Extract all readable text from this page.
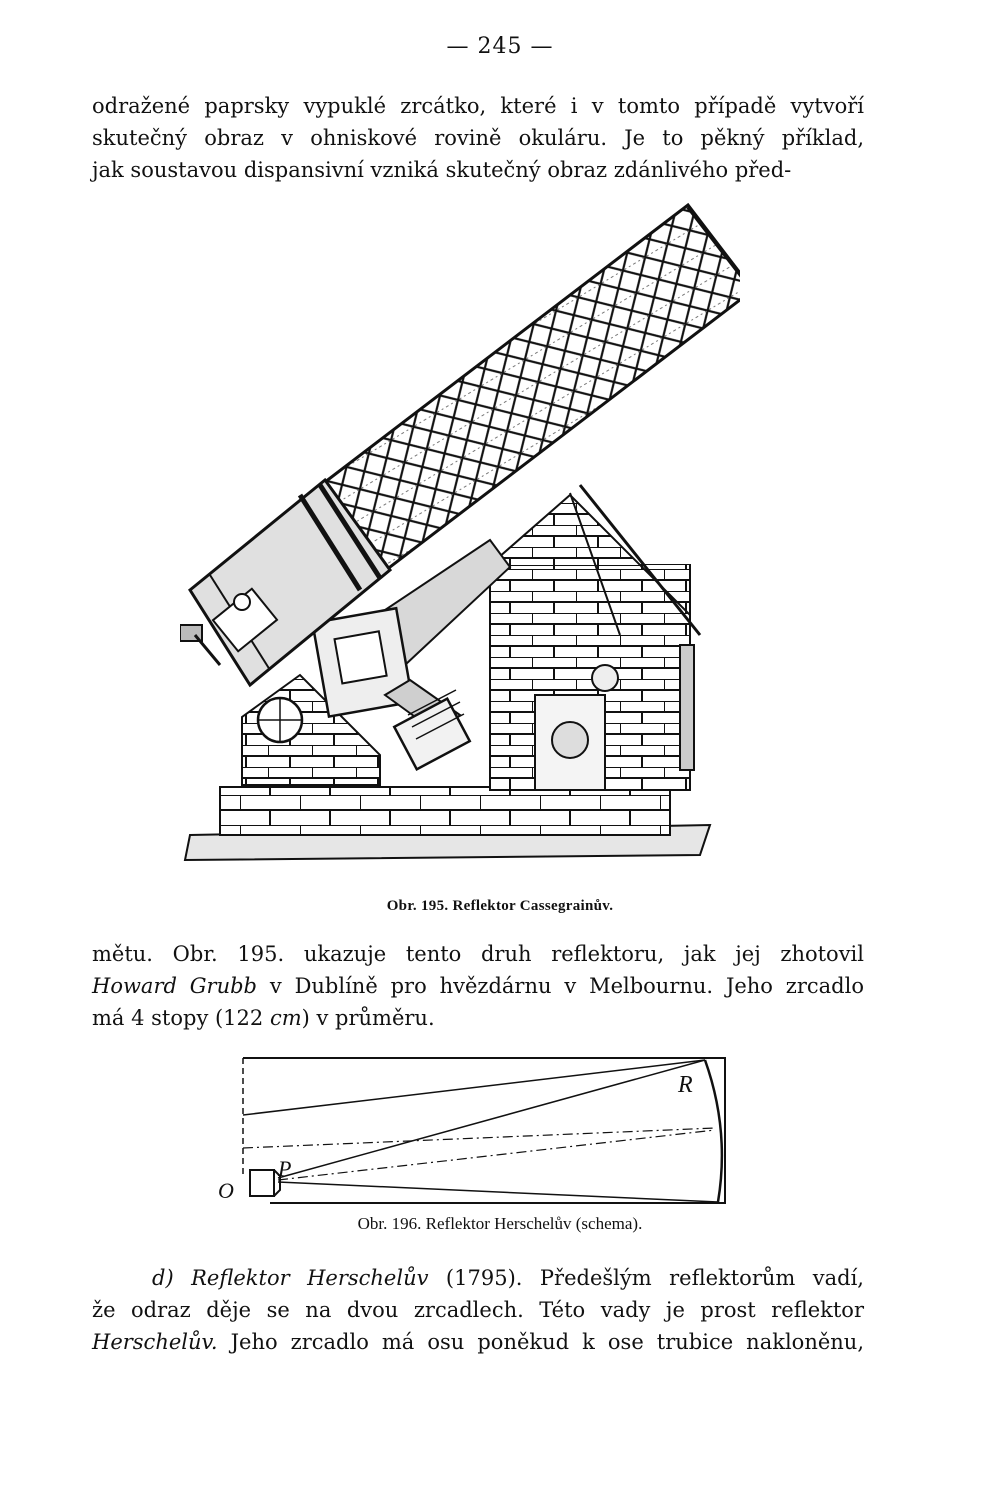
— 245 —
odražené paprsky vypuklé zrcátko, které i v tomto případě vytvoří
skutečný obraz v ohniskové rovině okuláru. Je to pěkný příklad,
jak soustavou dispansivní vzniká skutečný obraz zdánlivého před-
Obr. 195. Reflektor Cassegrainův.
mětu. Obr. 195. ukazuje tento druh reflektoru, jak jej zhotovil
Howard Grubb v Dublíně pro hvězdárnu v Melbournu. Jeho zrcadlo
má 4 stopy (122 cm) v průměru.
R
P
O
Obr. 196. Reflektor Herschelův (schema).
d) Reflektor Herschelův (1795). Předešlým reflektorům vadí,
že odraz děje se na dvou zrcadlech. Této vady je prost reflektor
Herschelův. Jeho zrcadlo má osu poněkud k ose trubice nakloněnu,
